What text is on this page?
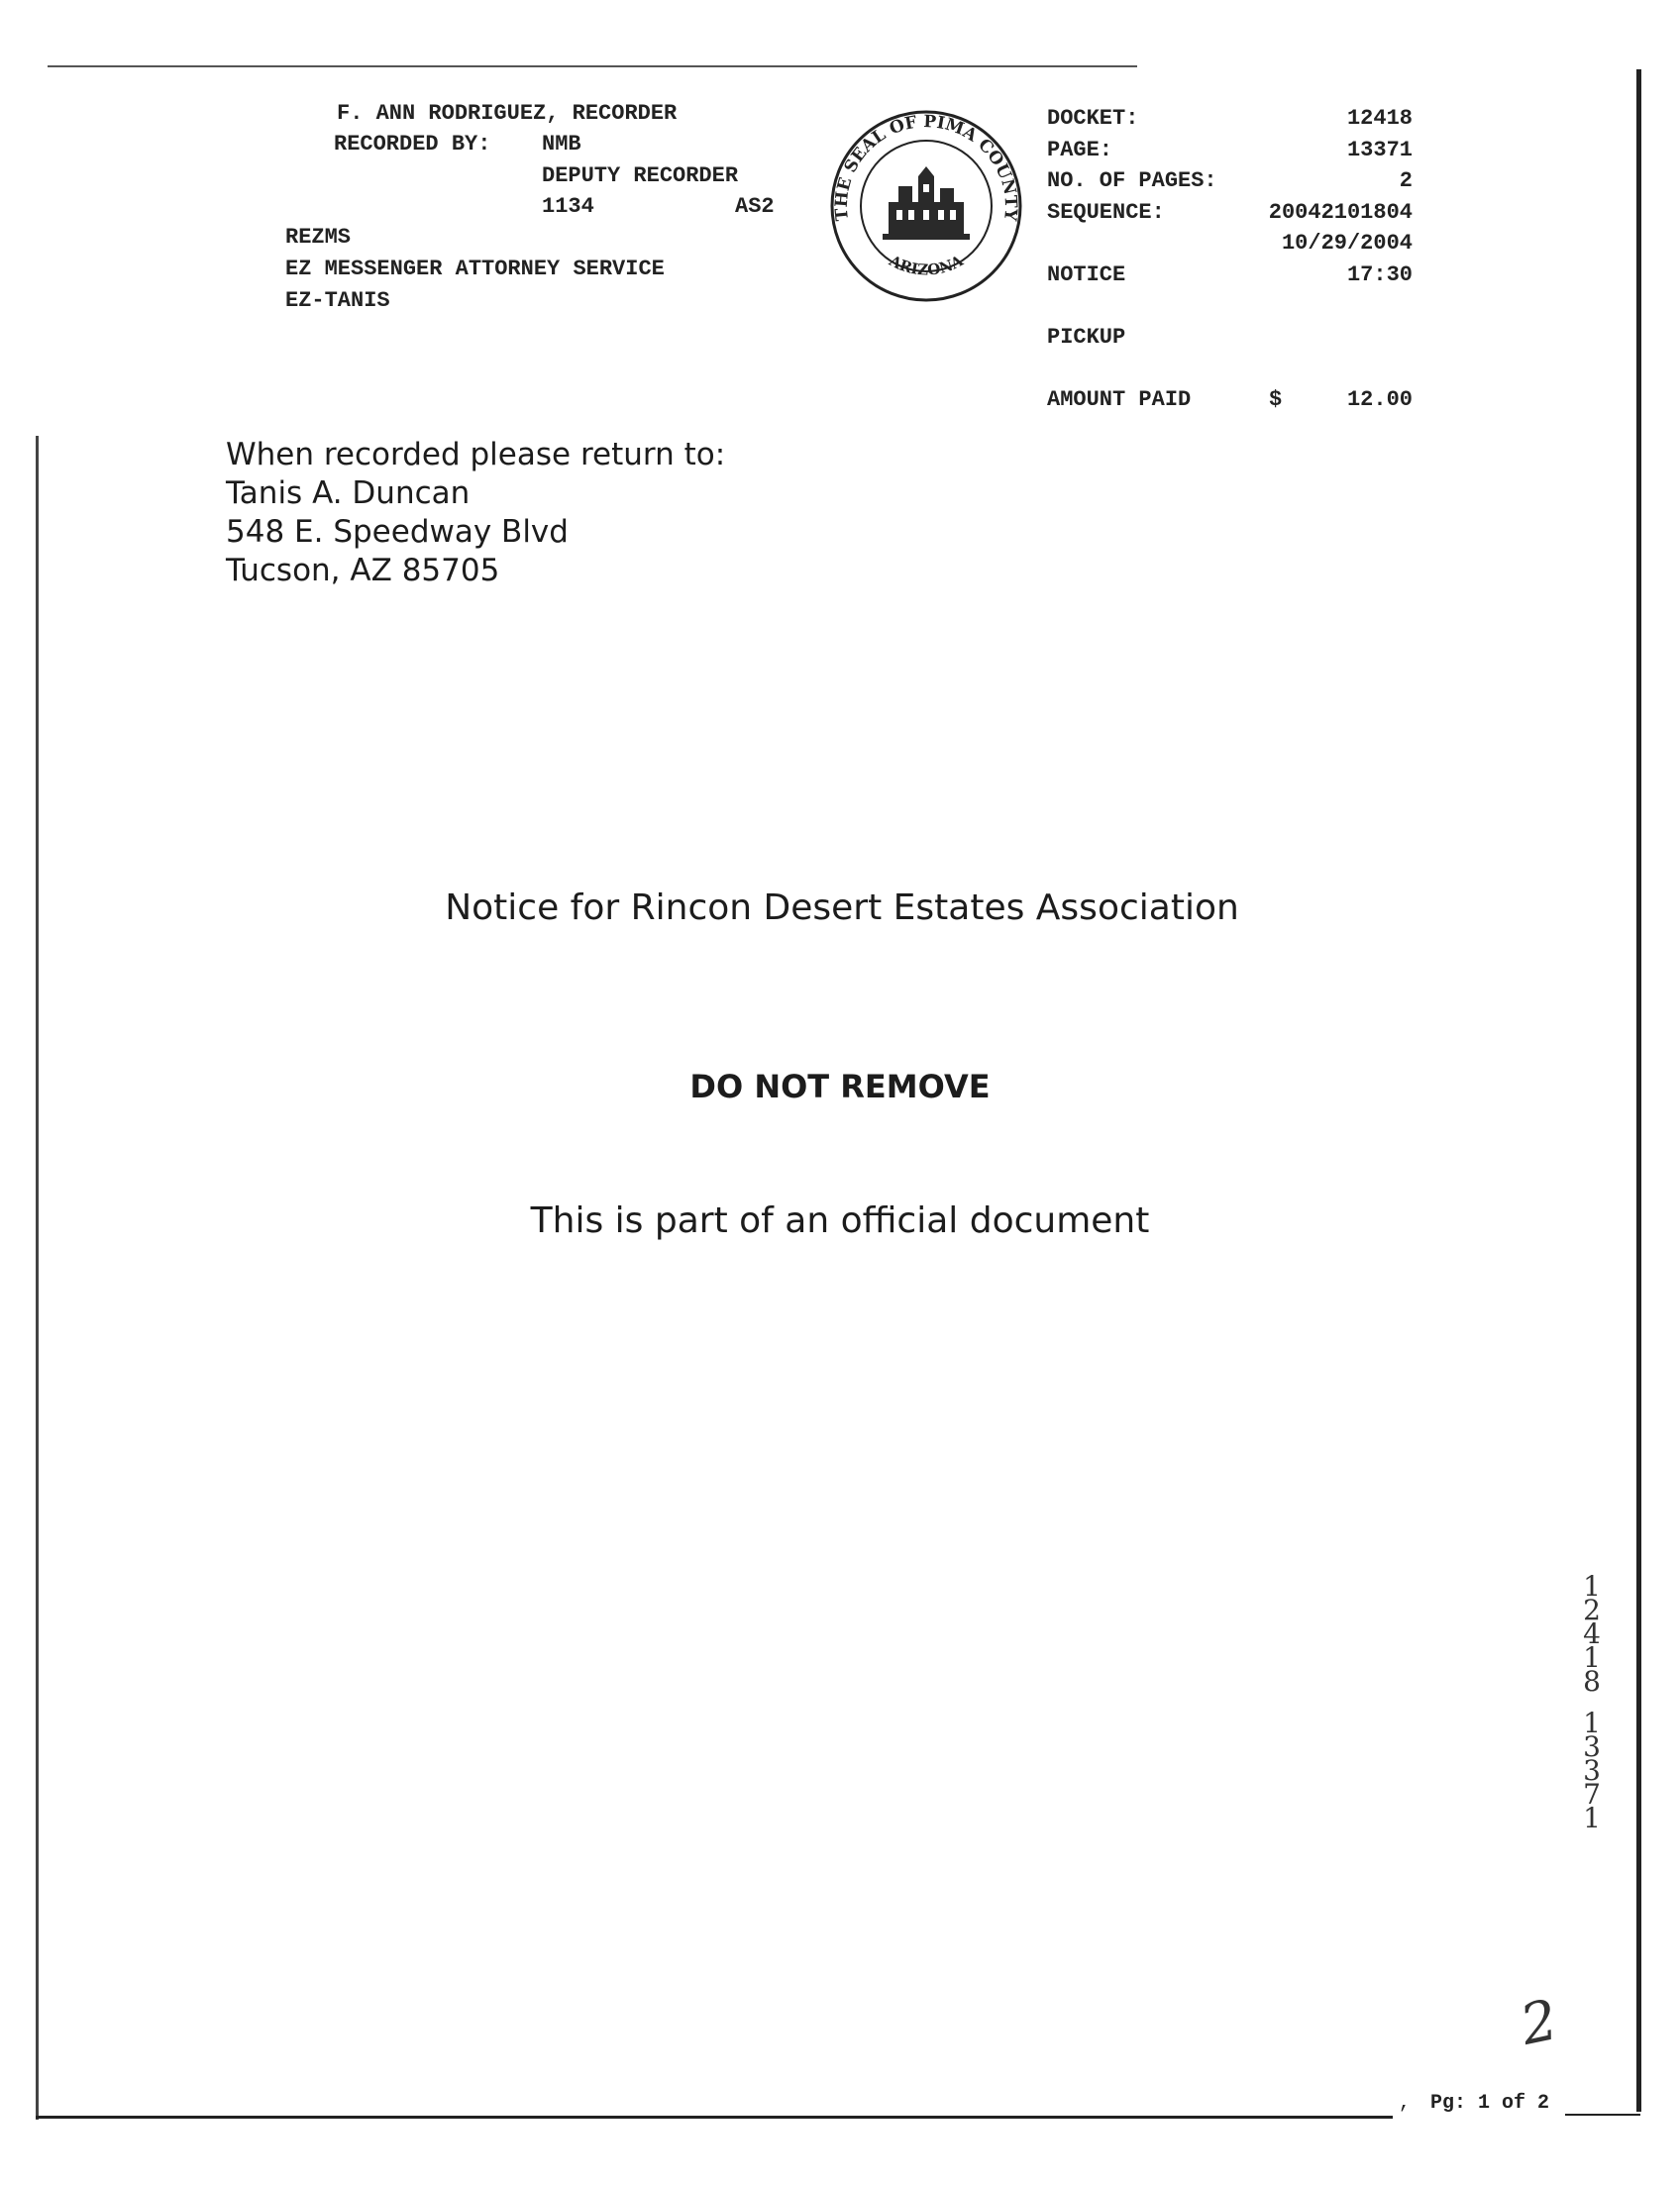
F. ANN RODRIGUEZ, RECORDER
RECORDED BY: NMB
DEPUTY RECORDER
1134	AS2
REZMS
EZ MESSENGER ATTORNEY SERVICE
EZ-TANIS
THE SEAL OF PIMA COUNTY
ARIZONA
DOCKET:	12418
PAGE:	13371
NO. OF PAGES:	2
SEQUENCE:	20042101804
10/29/2004
NOTICE	17:30
PICKUP
AMOUNT PAID	$	12.00
When recorded please return to:
Tanis A. Duncan
548 E. Speedway Blvd
Tucson, AZ 85705
Notice for Rincon Desert Estates Association
DO NOT REMOVE
This is part of an official document
1
2
4
1
8
1
3
3
7
1
2
, Pg: 1 of 2
